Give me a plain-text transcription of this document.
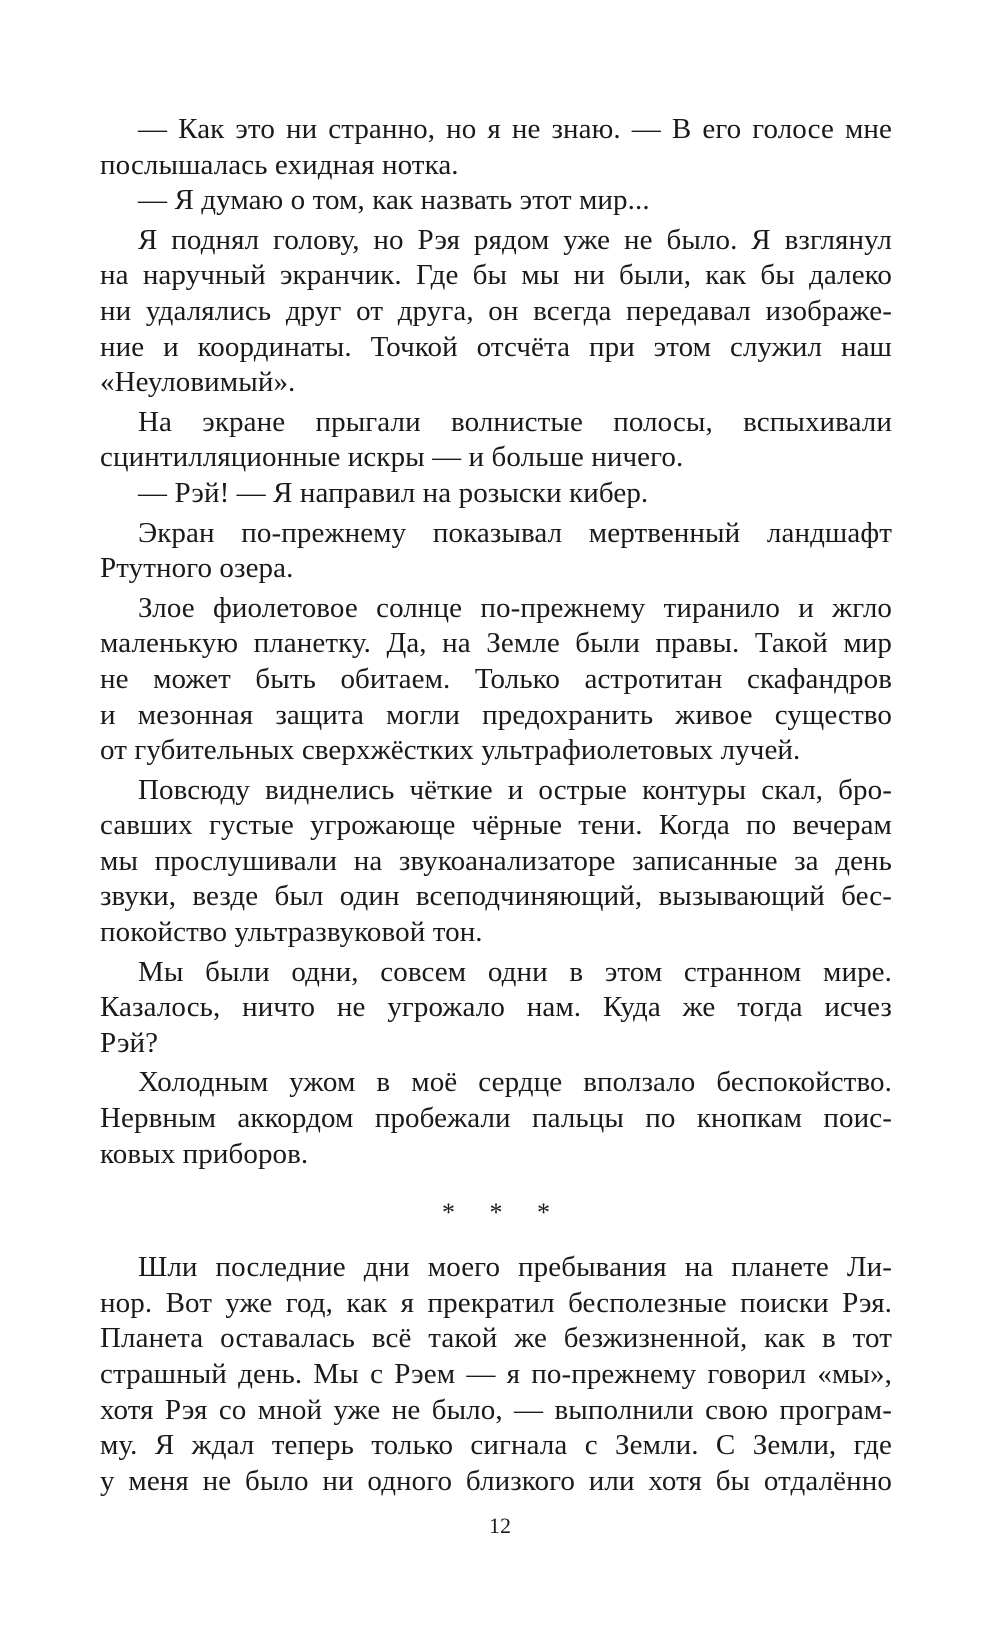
— Как это ни странно, но я не знаю. — В его голосе мне
послышалась ехидная нотка.
— Я думаю о том, как назвать этот мир...
Я поднял голову, но Рэя рядом уже не было. Я взглянул
на наручный экранчик. Где бы мы ни были, как бы далеко
ни удалялись друг от друга, он всегда передавал изображе-
ние и координаты. Точкой отсчёта при этом служил наш
«Неуловимый».
На экране прыгали волнистые полосы, вспыхивали
сцинтилляционные искры — и больше ничего.
— Рэй! — Я направил на розыски кибер.
Экран по-прежнему показывал мертвенный ландшафт
Ртутного озера.
Злое фиолетовое солнце по-прежнему тиранило и жгло
маленькую планетку. Да, на Земле были правы. Такой мир
не может быть обитаем. Только астротитан скафандров
и мезонная защита могли предохранить живое существо
от губительных сверхжёстких ультрафиолетовых лучей.
Повсюду виднелись чёткие и острые контуры скал, бро-
савших густые угрожающе чёрные тени. Когда по вечерам
мы прослушивали на звукоанализаторе записанные за день
звуки, везде был один всеподчиняющий, вызывающий бес-
покойство ультразвуковой тон.
Мы были одни, совсем одни в этом странном мире.
Казалось, ничто не угрожало нам. Куда же тогда исчез
Рэй?
Холодным ужом в моё сердце вползало беспокойство.
Нервным аккордом пробежали пальцы по кнопкам поис-
ковых приборов.
* * *
Шли последние дни моего пребывания на планете Ли-
нор. Вот уже год, как я прекратил бесполезные поиски Рэя.
Планета оставалась всё такой же безжизненной, как в тот
страшный день. Мы с Рэем — я по-прежнему говорил «мы»,
хотя Рэя со мной уже не было, — выполнили свою програм-
му. Я ждал теперь только сигнала с Земли. С Земли, где
у меня не было ни одного близкого или хотя бы отдалённо
12
